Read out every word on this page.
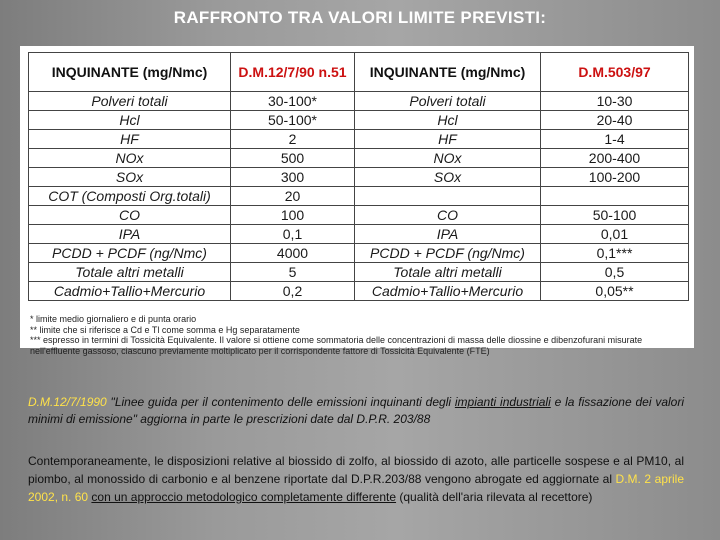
RAFFRONTO TRA VALORI LIMITE PREVISTI:
INQUINANTE (mg/Nmc)	D.M.12/7/90 n.51	INQUINANTE (mg/Nmc)	D.M.503/97
Polveri totali	30-100*	Polveri totali	10-30
Hcl	50-100*	Hcl	20-40
HF	2	HF	1-4
NOx	500	NOx	200-400
SOx	300	SOx	100-200
COT (Composti Org.totali)	20		
CO	100	CO	50-100
IPA	0,1	IPA	0,01
PCDD + PCDF (ng/Nmc)	4000	PCDD + PCDF (ng/Nmc)	0,1***
Totale altri metalli	5	Totale altri metalli	0,5
Cadmio+Tallio+Mercurio	0,2	Cadmio+Tallio+Mercurio	0,05**
* limite medio giornaliero e di punta orario
** limite che si riferisce a Cd e Tl come somma e Hg separatamente
*** espresso in termini di Tossicità Equivalente. Il valore si ottiene come sommatoria delle concentrazioni di massa delle diossine e dibenzofurani misurate nell'effluente gassoso, ciascuno previamente moltiplicato per il corrispondente fattore di Tossicità Equivalente (FTE)
D.M.12/7/1990 "Linee guida per il contenimento delle emissioni inquinanti degli impianti industriali e la fissazione dei valori minimi di emissione" aggiorna in parte le prescrizioni date dal D.P.R. 203/88
Contemporaneamente, le disposizioni relative al biossido di zolfo, al biossido di azoto, alle particelle sospese e al PM10, al piombo, al monossido di carbonio e al benzene riportate dal D.P.R.203/88 vengono abrogate ed aggiornate al D.M. 2 aprile 2002, n. 60 con un approccio metodologico completamente differente (qualità dell'aria rilevata al recettore)
